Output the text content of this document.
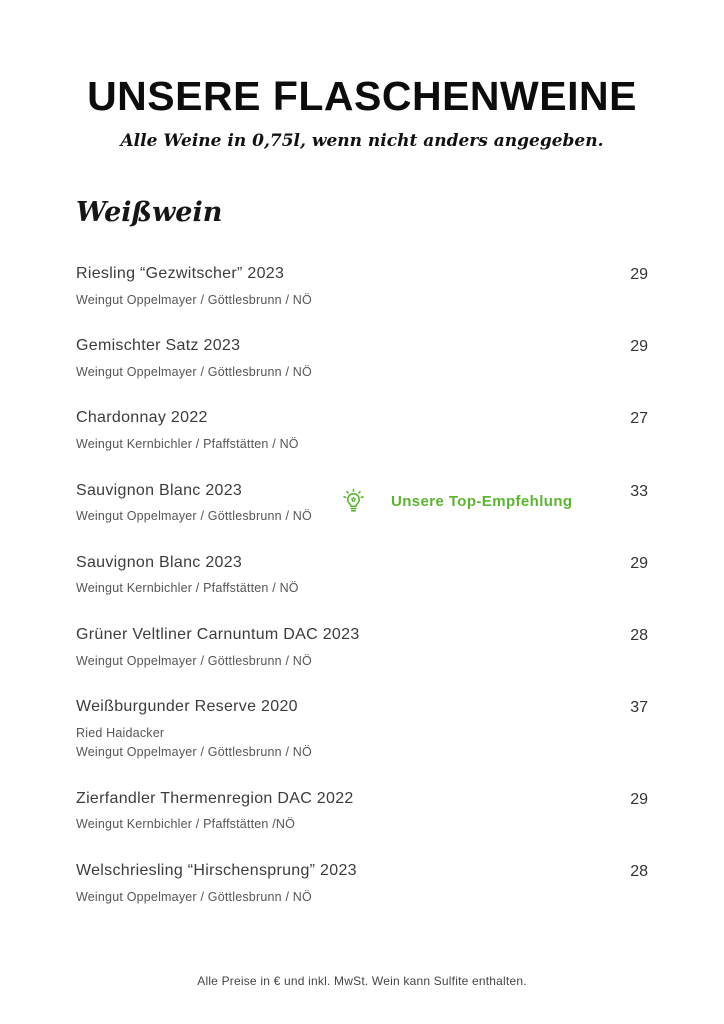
UNSERE FLASCHENWEINE

Alle Weine in 0,75l, wenn nicht anders angegeben.

Weißwein
Riesling “Gezwitscher” 2023
Weingut Oppelmayer / Göttlesbrunn / NÖ
29
Gemischter Satz 2023
Weingut Oppelmayer / Göttlesbrunn / NÖ
29
Chardonnay 2022
Weingut Kernbichler / Pfaffstätten / NÖ
27
Sauvignon Blanc 2023
Weingut Oppelmayer / Göttlesbrunn / NÖ
Unsere Top-Empfehlung
33
Sauvignon Blanc 2023
Weingut Kernbichler / Pfaffstätten / NÖ
29
Grüner Veltliner Carnuntum DAC 2023
Weingut Oppelmayer / Göttlesbrunn / NÖ
28
Weißburgunder Reserve 2020
Ried Haidacker
Weingut Oppelmayer / Göttlesbrunn / NÖ
37
Zierfandler Thermenregion DAC 2022
Weingut Kernbichler / Pfaffstätten /NÖ
29
Welschriesling “Hirschensprung” 2023
Weingut Oppelmayer / Göttlesbrunn / NÖ
28
Alle Preise in € und inkl. MwSt. Wein kann Sulfite enthalten.
